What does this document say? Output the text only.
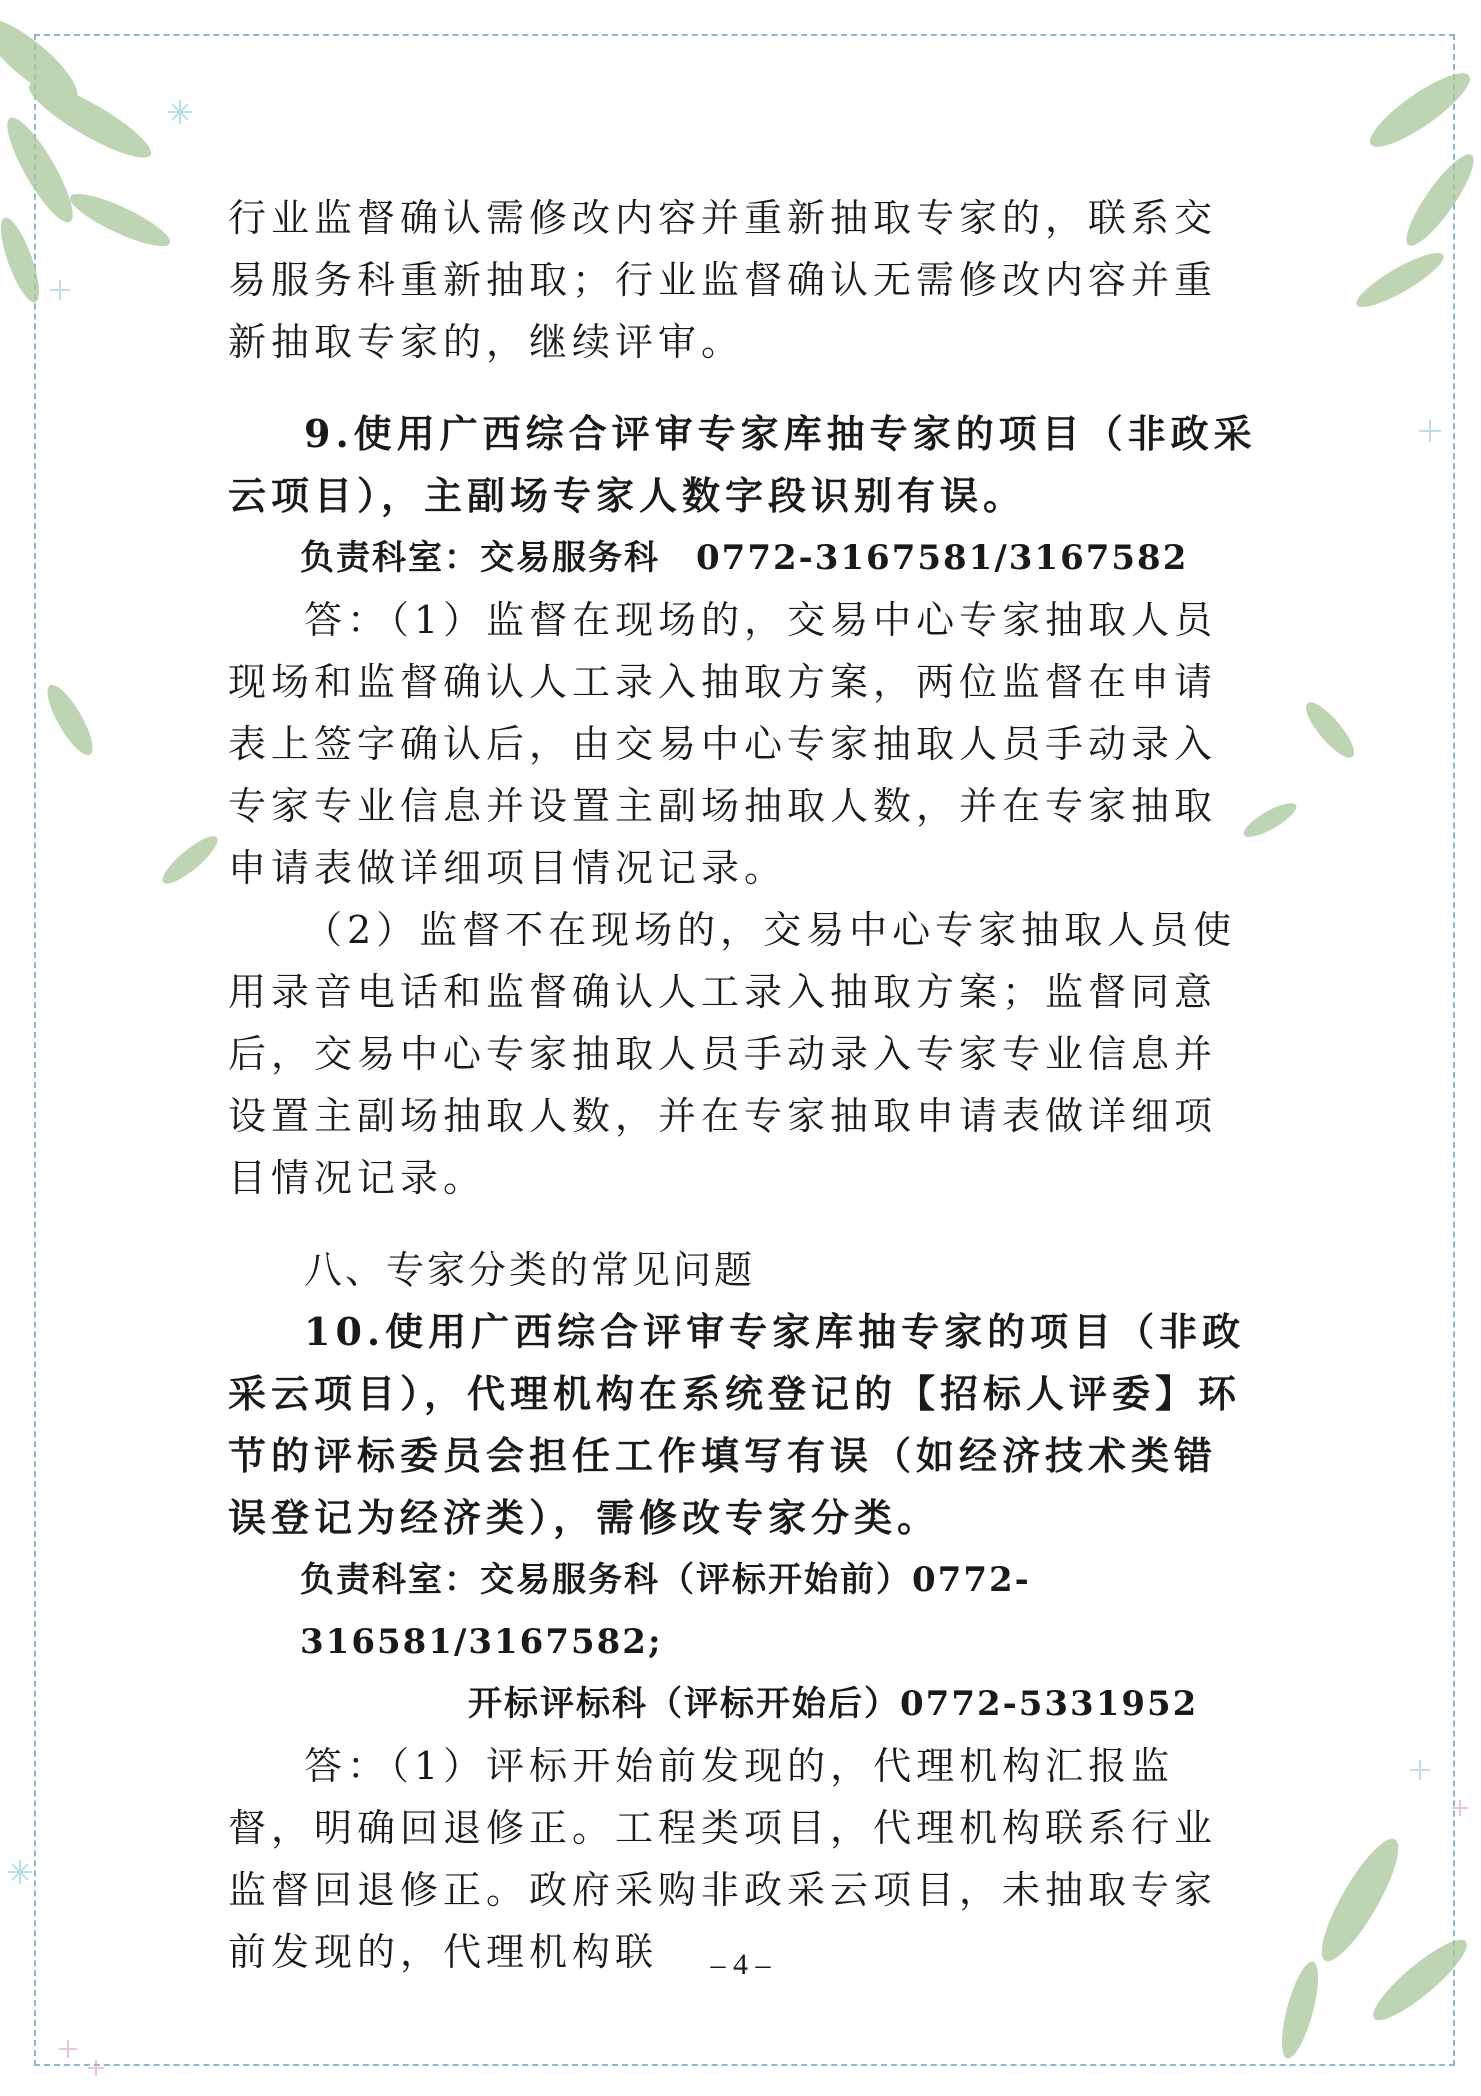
行业监督确认需修改内容并重新抽取专家的，联系交易服务科重新抽取；行业监督确认无需修改内容并重新抽取专家的，继续评审。

9.使用广西综合评审专家库抽专家的项目（非政采云项目），主副场专家人数字段识别有误。

负责科室：交易服务科　0772-3167581/3167582

答：（1）监督在现场的，交易中心专家抽取人员现场和监督确认人工录入抽取方案，两位监督在申请表上签字确认后，由交易中心专家抽取人员手动录入专家专业信息并设置主副场抽取人数，并在专家抽取申请表做详细项目情况记录。

（2）监督不在现场的，交易中心专家抽取人员使用录音电话和监督确认人工录入抽取方案；监督同意后，交易中心专家抽取人员手动录入专家专业信息并设置主副场抽取人数，并在专家抽取申请表做详细项目情况记录。

八、专家分类的常见问题

10.使用广西综合评审专家库抽专家的项目（非政采云项目），代理机构在系统登记的【招标人评委】环节的评标委员会担任工作填写有误（如经济技术类错误登记为经济类），需修改专家分类。

负责科室：交易服务科（评标开始前）0772-316581/3167582;

开标评标科（评标开始后）0772-5331952

答：（1）评标开始前发现的，代理机构汇报监督，明确回退修正。工程类项目，代理机构联系行业监督回退修正。政府采购非政采云项目，未抽取专家前发现的，代理机构联	– 4 –
